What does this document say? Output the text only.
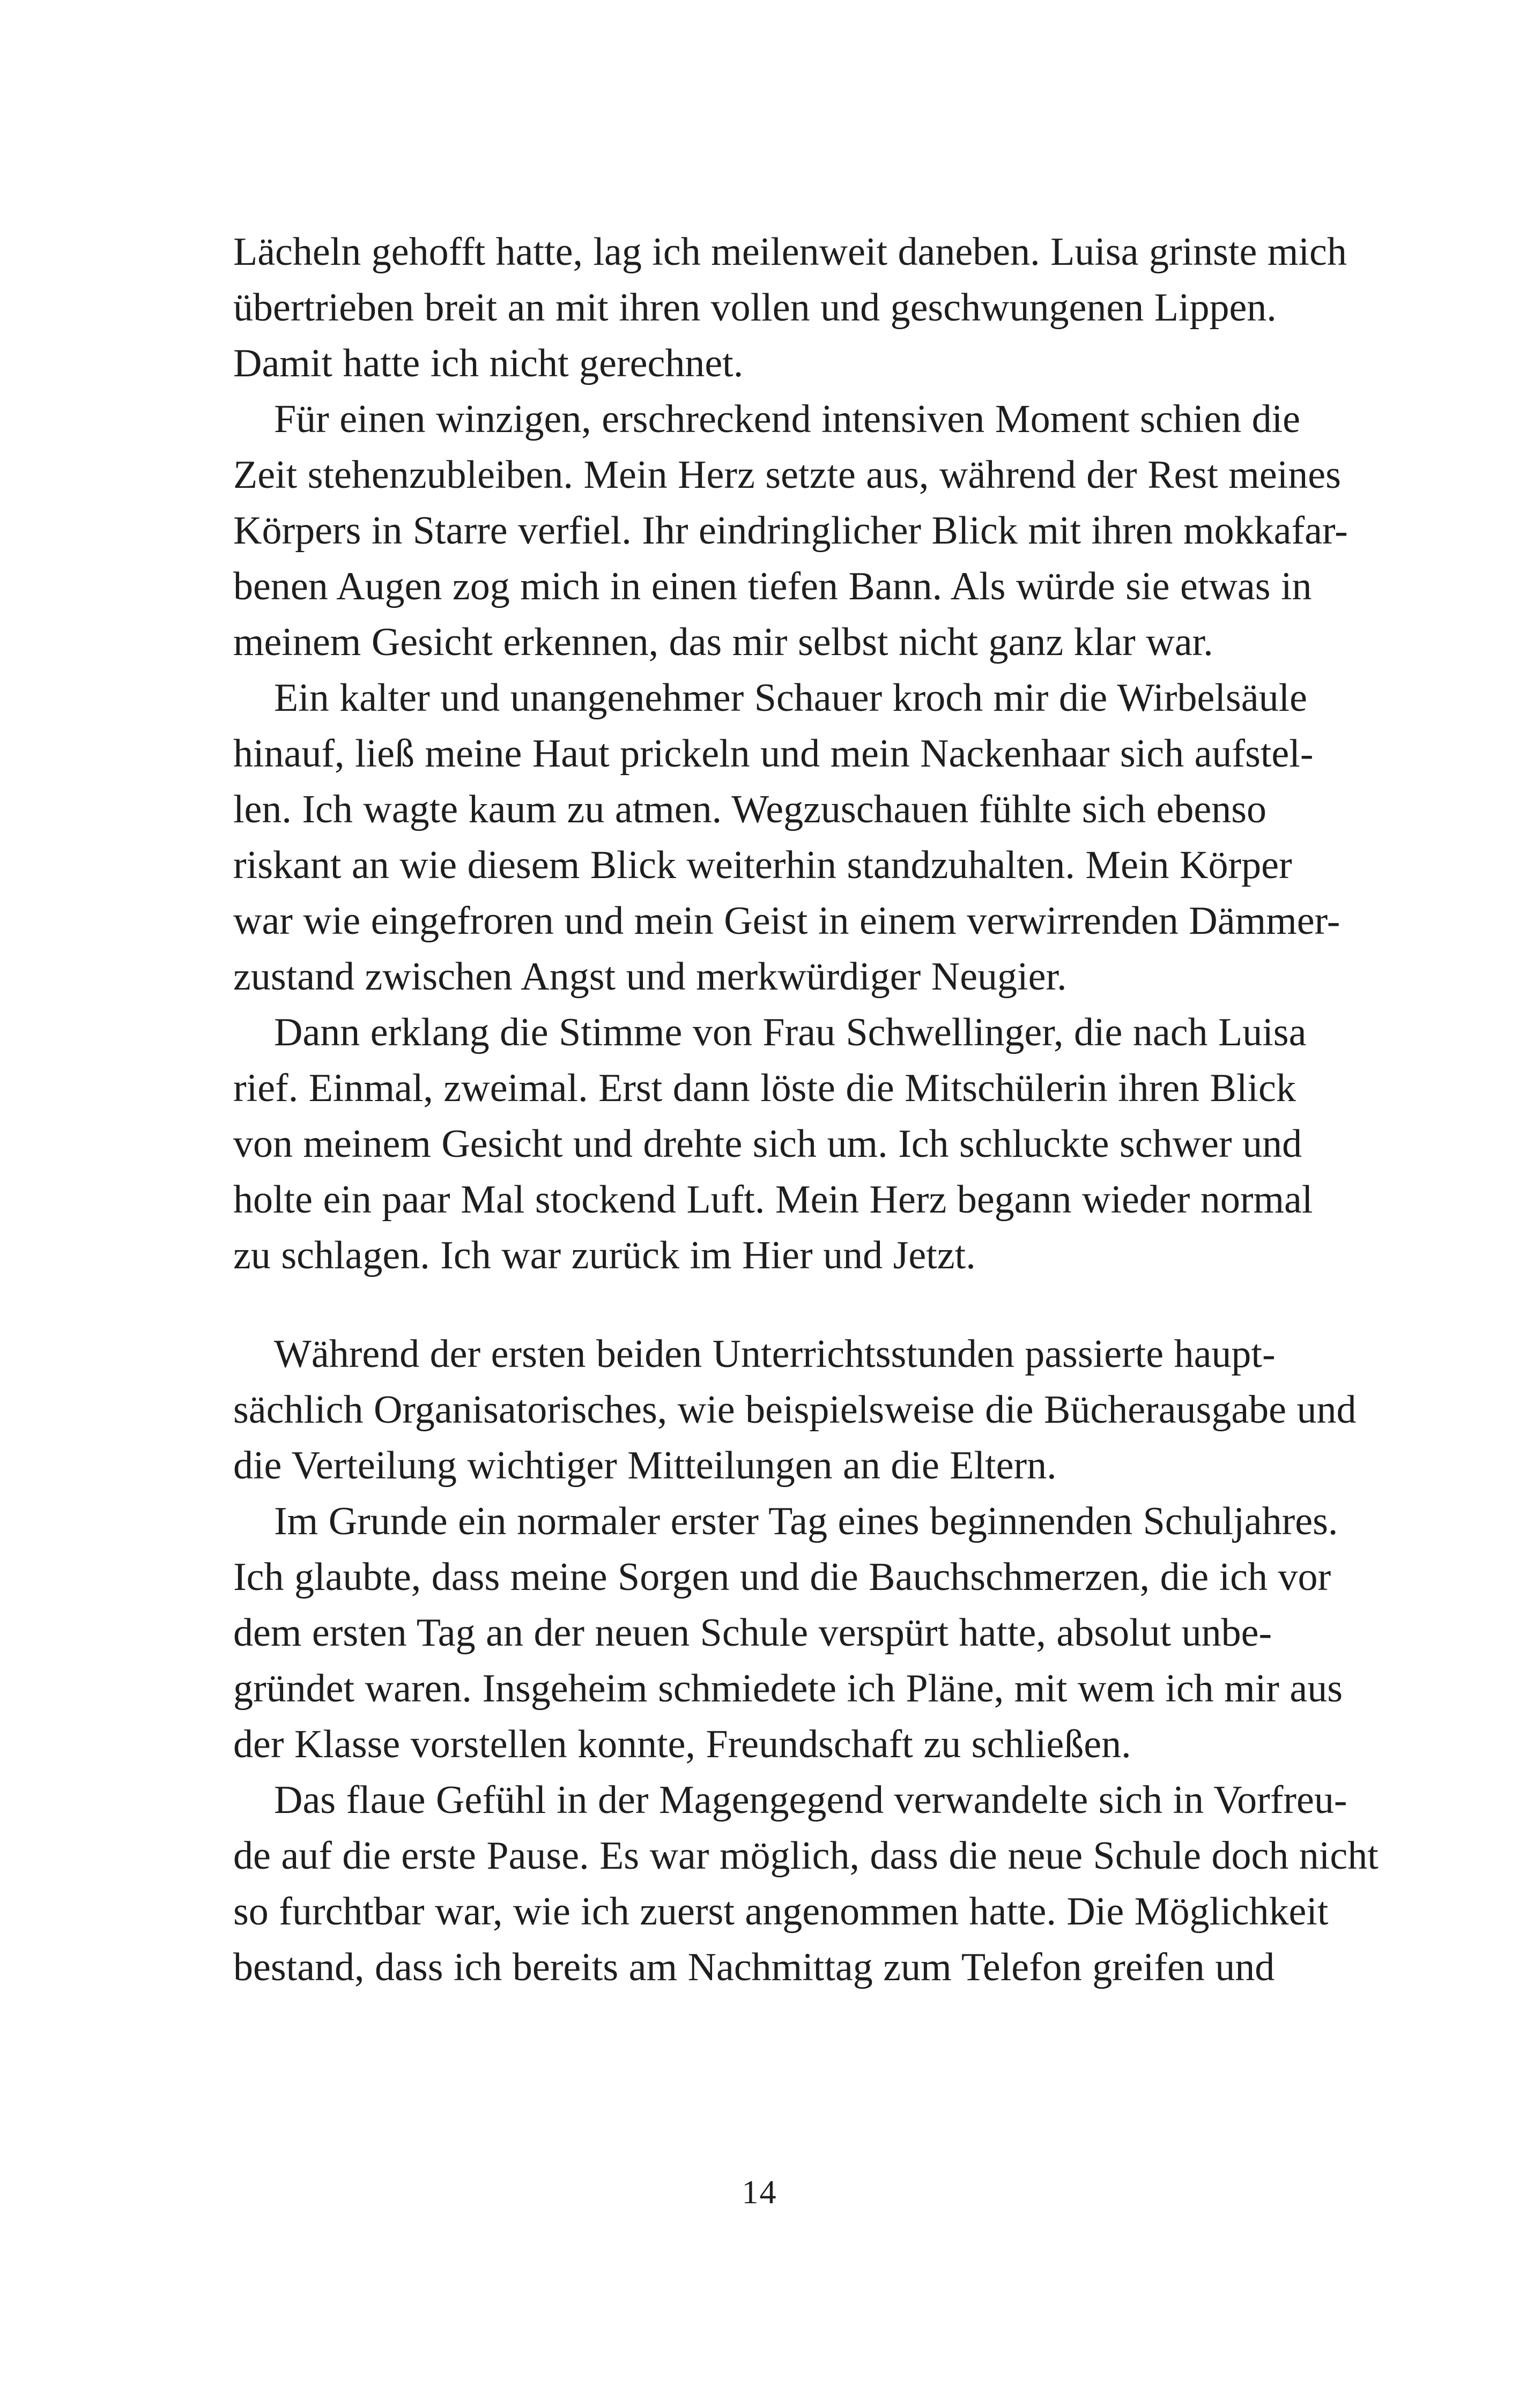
Lächeln gehofft hatte, lag ich meilenweit daneben. Luisa grinste mich
übertrieben breit an mit ihren vollen und geschwungenen Lippen.
Damit hatte ich nicht gerechnet.

Für einen winzigen, erschreckend intensiven Moment schien die
Zeit stehenzubleiben. Mein Herz setzte aus, während der Rest meines
Körpers in Starre verfiel. Ihr eindringlicher Blick mit ihren mokkafar-
benen Augen zog mich in einen tiefen Bann. Als würde sie etwas in
meinem Gesicht erkennen, das mir selbst nicht ganz klar war.

Ein kalter und unangenehmer Schauer kroch mir die Wirbelsäule
hinauf, ließ meine Haut prickeln und mein Nackenhaar sich aufstel-
len. Ich wagte kaum zu atmen. Wegzuschauen fühlte sich ebenso
riskant an wie diesem Blick weiterhin standzuhalten. Mein Körper
war wie eingefroren und mein Geist in einem verwirrenden Dämmer-
zustand zwischen Angst und merkwürdiger Neugier.

Dann erklang die Stimme von Frau Schwellinger, die nach Luisa
rief. Einmal, zweimal. Erst dann löste die Mitschülerin ihren Blick
von meinem Gesicht und drehte sich um. Ich schluckte schwer und
holte ein paar Mal stockend Luft. Mein Herz begann wieder normal
zu schlagen. Ich war zurück im Hier und Jetzt.

Während der ersten beiden Unterrichtsstunden passierte haupt-
sächlich Organisatorisches, wie beispielsweise die Bücherausgabe und
die Verteilung wichtiger Mitteilungen an die Eltern.

Im Grunde ein normaler erster Tag eines beginnenden Schuljahres.
Ich glaubte, dass meine Sorgen und die Bauchschmerzen, die ich vor
dem ersten Tag an der neuen Schule verspürt hatte, absolut unbe-
gründet waren. Insgeheim schmiedete ich Pläne, mit wem ich mir aus
der Klasse vorstellen konnte, Freundschaft zu schließen.

Das flaue Gefühl in der Magengegend verwandelte sich in Vorfreu-
de auf die erste Pause. Es war möglich, dass die neue Schule doch nicht
so furchtbar war, wie ich zuerst angenommen hatte. Die Möglichkeit
bestand, dass ich bereits am Nachmittag zum Telefon greifen und

14
